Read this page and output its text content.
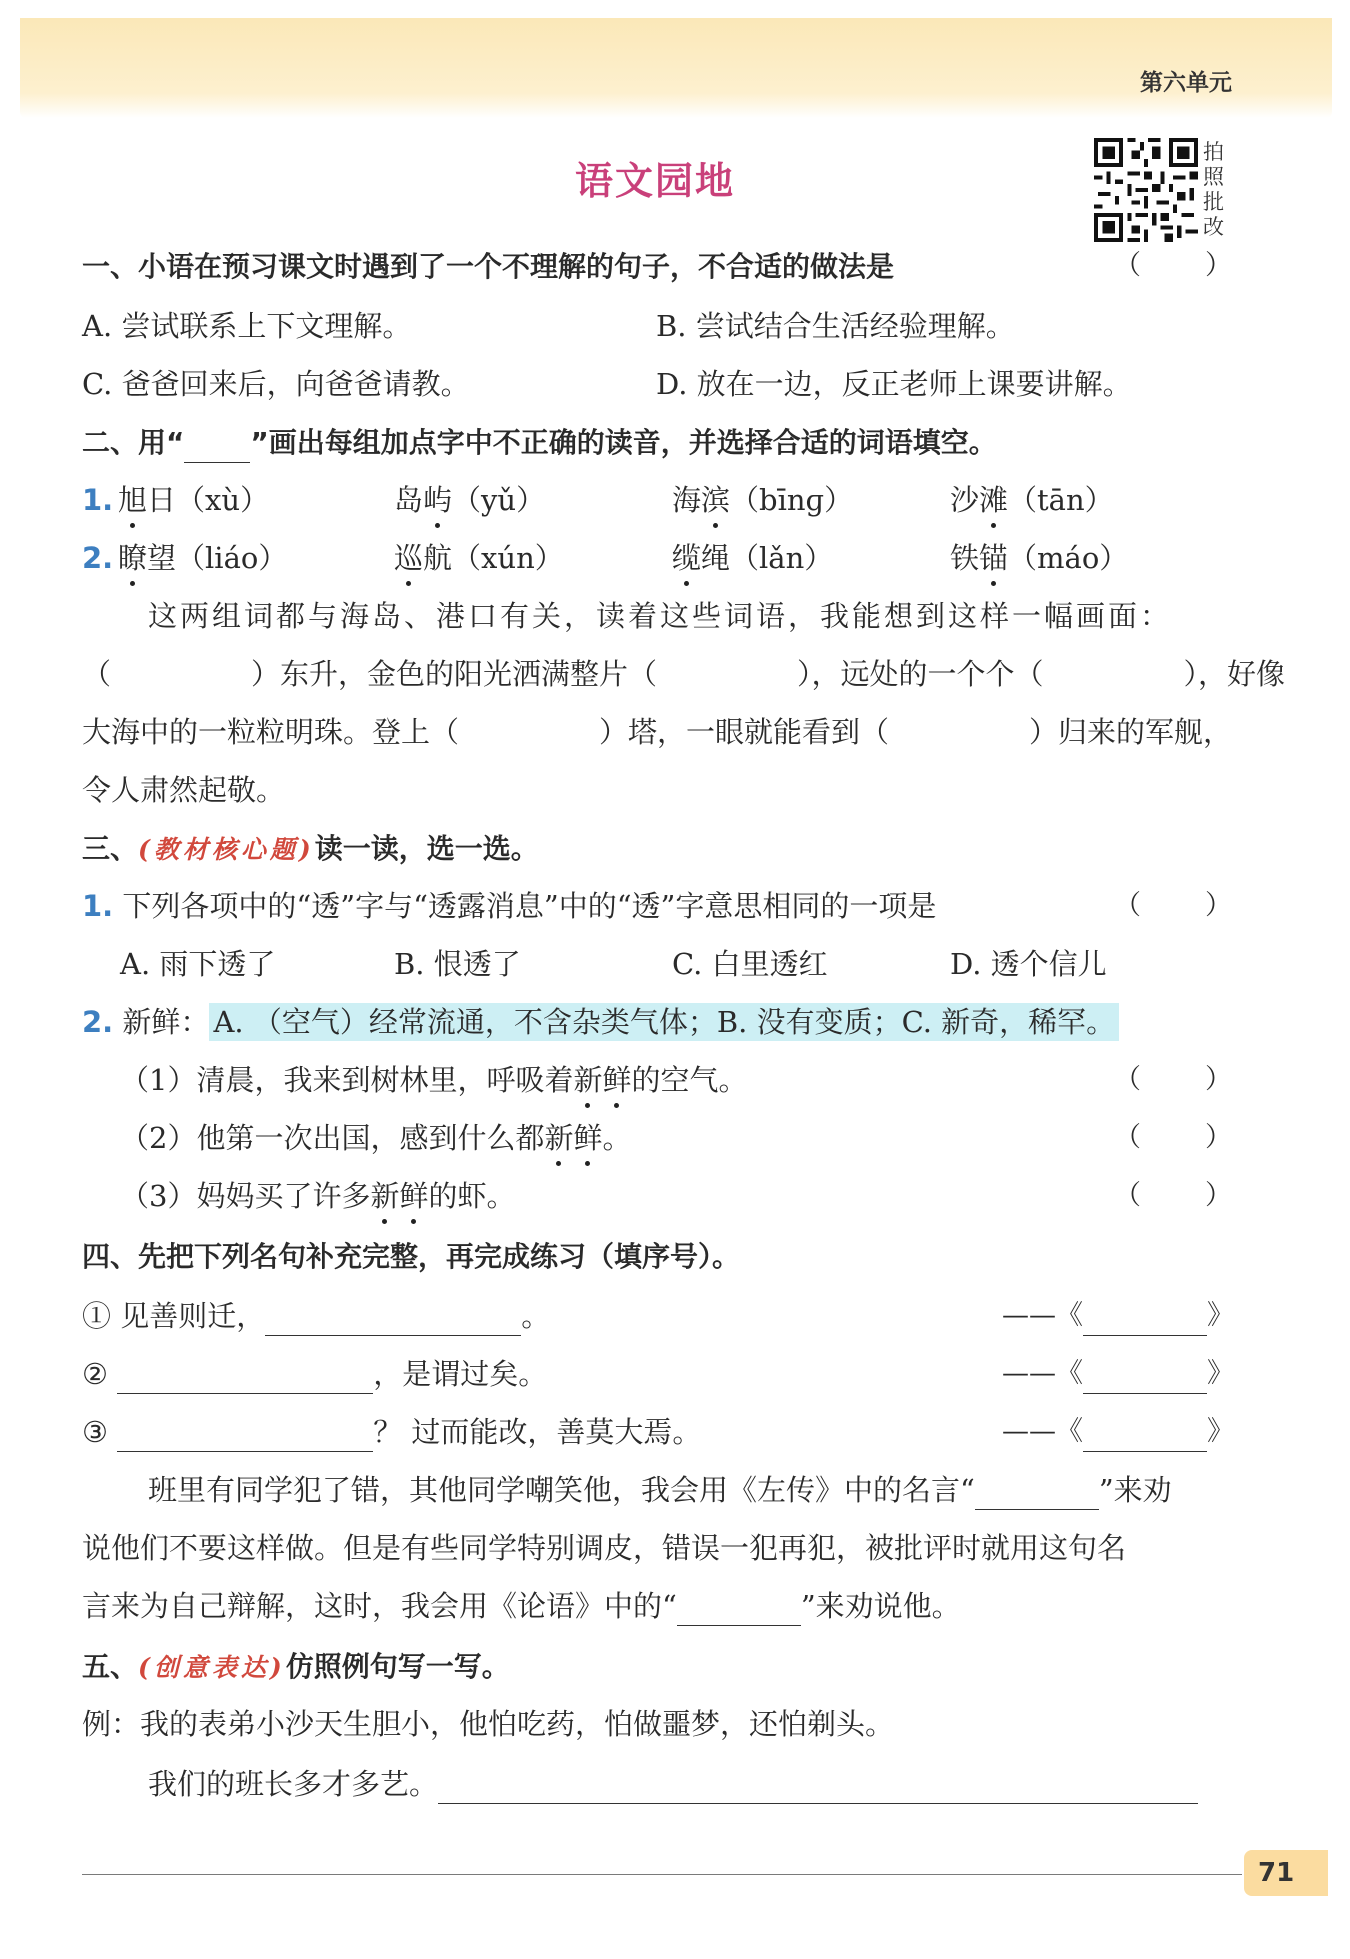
第六单元
语文园地
拍
照
批
改
一、小语在预习课文时遇到了一个不理解的句子，不合适的做法是	（ ）
A. 尝试联系上下文理解。	B. 尝试结合生活经验理解。
C. 爸爸回来后，向爸爸请教。	D. 放在一边，反正老师上课要讲解。
二、用“ ”画出每组加点字中不正确的读音，并选择合适的词语填空。
1. 旭日（xù）	岛屿（yǔ）	海滨（bīnɡ）	沙滩（tān）
2. 瞭望（liáo）	巡航（xún）	缆绳（lǎn）	铁锚（máo）
这两组词都与海岛、港口有关，读着这些词语，我能想到这样一幅画面：
（	）东升，金色的阳光洒满整片（	），远处的一个个（	），好像
大海中的一粒粒明珠。登上（	）塔，一眼就能看到（	）归来的军舰，
令人肃然起敬。
三、(教材核心题)读一读，选一选。
1. 下列各项中的“透”字与“透露消息”中的“透”字意思相同的一项是	（ ）
A. 雨下透了	B. 恨透了	C. 白里透红	D. 透个信儿
2. 新鲜： A. （空气）经常流通，不含杂类气体；B. 没有变质；C. 新奇，稀罕。
（1）清晨，我来到树林里，呼吸着新鲜的空气。	（ ）
（2）他第一次出国，感到什么都新鲜。	（ ）
（3）妈妈买了许多新鲜的虾。	（ ）
四、先把下列名句补充完整，再完成练习（填序号）。
① 见善则迁，	。	——《	》
②	，是谓过矣。	——《	》
③	？ 过而能改，善莫大焉。	——《	》
班里有同学犯了错，其他同学嘲笑他，我会用《左传》中的名言“	”来劝
说他们不要这样做。但是有些同学特别调皮，错误一犯再犯，被批评时就用这句名
言来为自己辩解，这时，我会用《论语》中的“	”来劝说他。
五、(创意表达)仿照例句写一写。
例：我的表弟小沙天生胆小，他怕吃药，怕做噩梦，还怕剃头。
我们的班长多才多艺。
71
